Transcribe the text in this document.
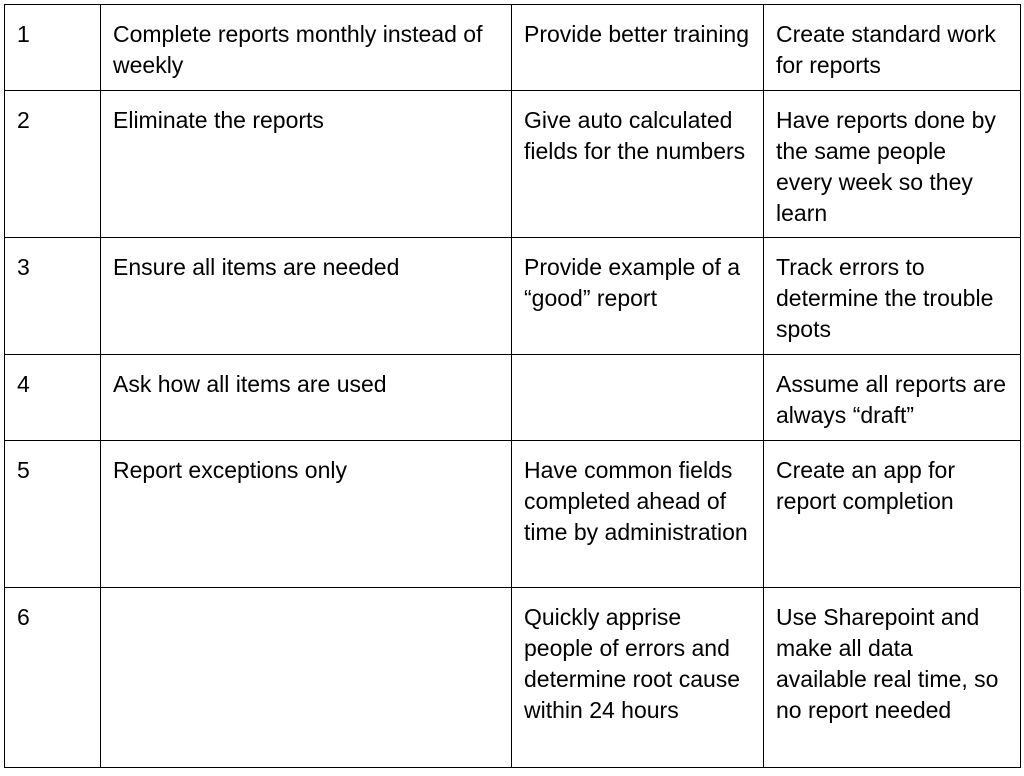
1	Complete reports monthly instead of weekly	Provide better training	Create standard work for reports
2	Eliminate the reports	Give auto calculated fields for the numbers	Have reports done by the same people every week so they learn
3	Ensure all items are needed	Provide example of a “good” report	Track errors to determine the trouble spots
4	Ask how all items are used		Assume all reports are always “draft”
5	Report exceptions only	Have common fields completed ahead of time by administration	Create an app for report completion
6		Quickly apprise people of errors and determine root cause within 24 hours	Use Sharepoint and make all data available real time, so no report needed
